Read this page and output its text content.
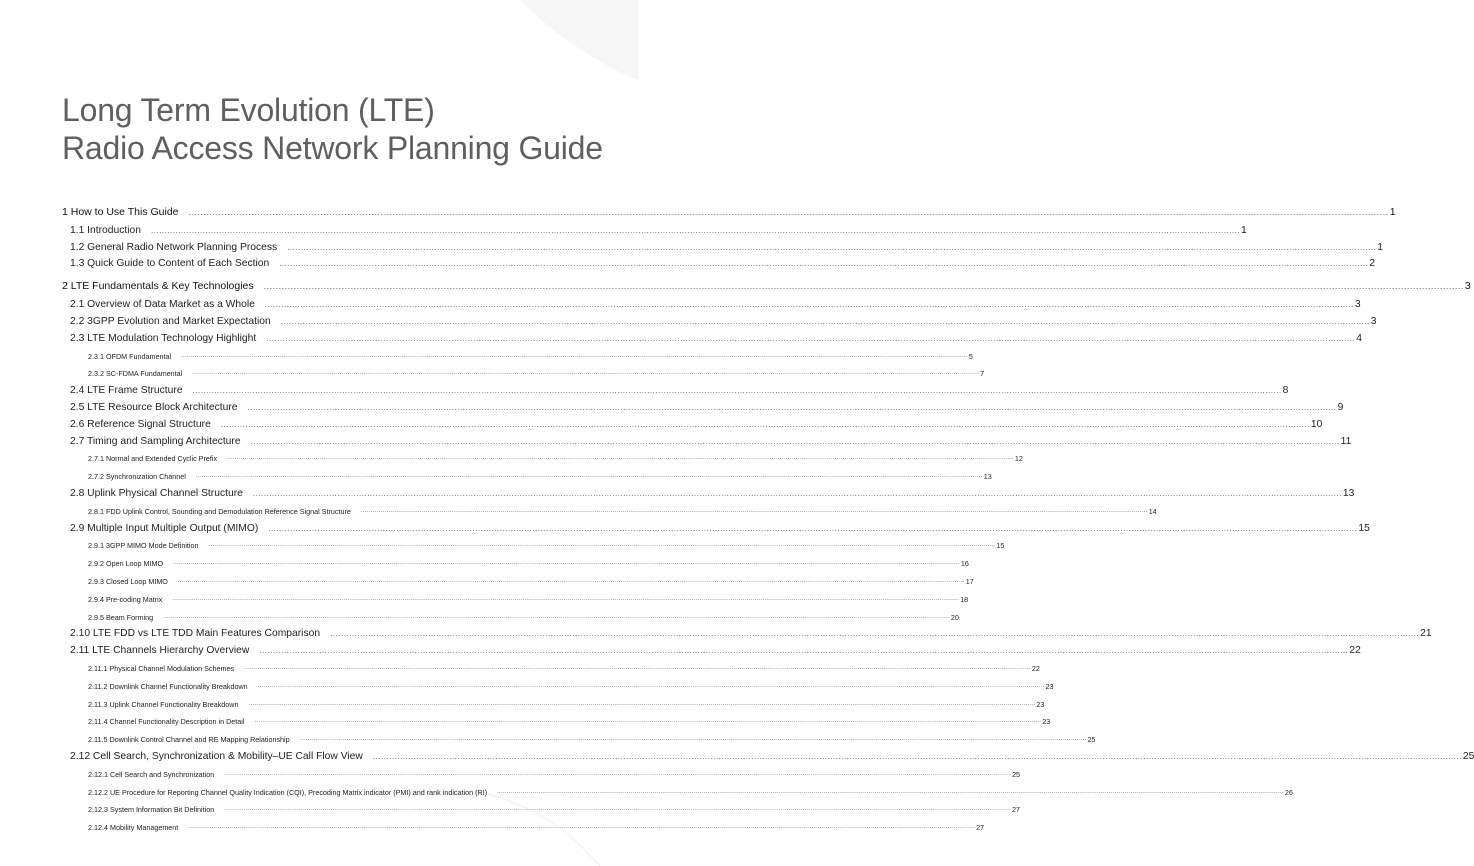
Long Term Evolution (LTE)
Radio Access Network Planning Guide
1 How to Use This Guide ................................................................................................................................................................................................................................................................................................................................................................................................................ 1
1.1 Introduction ................................................................................................................................................................................................................................................................................................................................................................................................................ 1
1.2 General Radio Network Planning Process ................................................................................................................................................................................................................................................................................................................................................................................................................ 1
1.3 Quick Guide to Content of Each Section ................................................................................................................................................................................................................................................................................................................................................................................................................ 2
2 LTE Fundamentals & Key Technologies ................................................................................................................................................................................................................................................................................................................................................................................................................ 3
2.1 Overview of Data Market as a Whole ................................................................................................................................................................................................................................................................................................................................................................................................................ 3
2.2 3GPP Evolution and Market Expectation ................................................................................................................................................................................................................................................................................................................................................................................................................ 3
2.3 LTE Modulation Technology Highlight ................................................................................................................................................................................................................................................................................................................................................................................................................ 4
2.3.1 OFDM Fundamental ................................................................................................................................................................................................................................................................................................................................................................................................................ 5
2.3.2 SC-FDMA Fundamental ................................................................................................................................................................................................................................................................................................................................................................................................................ 7
2.4 LTE Frame Structure ................................................................................................................................................................................................................................................................................................................................................................................................................ 8
2.5 LTE Resource Block Architecture ................................................................................................................................................................................................................................................................................................................................................................................................................ 9
2.6 Reference Signal Structure ................................................................................................................................................................................................................................................................................................................................................................................................................ 10
2.7 Timing and Sampling Architecture ................................................................................................................................................................................................................................................................................................................................................................................................................ 11
2.7.1 Normal and Extended Cyclic Prefix ................................................................................................................................................................................................................................................................................................................................................................................................................ 12
2.7.2 Synchronization Channel ................................................................................................................................................................................................................................................................................................................................................................................................................ 13
2.8 Uplink Physical Channel Structure ................................................................................................................................................................................................................................................................................................................................................................................................................ 13
2.8.1 FDD Uplink Control, Sounding and Demodulation Reference Signal Structure ................................................................................................................................................................................................................................................................................................................................................................................................................ 14
2.9 Multiple Input Multiple Output (MIMO) ................................................................................................................................................................................................................................................................................................................................................................................................................ 15
2.9.1 3GPP MIMO Mode Definition ................................................................................................................................................................................................................................................................................................................................................................................................................ 15
2.9.2 Open Loop MIMO ................................................................................................................................................................................................................................................................................................................................................................................................................ 16
2.9.3 Closed Loop MIMO ................................................................................................................................................................................................................................................................................................................................................................................................................ 17
2.9.4 Pre-coding Matrix ................................................................................................................................................................................................................................................................................................................................................................................................................ 18
2.9.5 Beam Forming ................................................................................................................................................................................................................................................................................................................................................................................................................ 20
2.10 LTE FDD vs LTE TDD Main Features Comparison ................................................................................................................................................................................................................................................................................................................................................................................................................ 21
2.11 LTE Channels Hierarchy Overview ................................................................................................................................................................................................................................................................................................................................................................................................................ 22
2.11.1 Physical Channel Modulation Schemes ................................................................................................................................................................................................................................................................................................................................................................................................................ 22
2.11.2 Downlink Channel Functionality Breakdown ................................................................................................................................................................................................................................................................................................................................................................................................................ 23
2.11.3 Uplink Channel Functionality Breakdown ................................................................................................................................................................................................................................................................................................................................................................................................................ 23
2.11.4 Channel Functionality Description in Detail ................................................................................................................................................................................................................................................................................................................................................................................................................ 23
2.11.5 Downlink Control Channel and RE Mapping Relationship ................................................................................................................................................................................................................................................................................................................................................................................................................ 25
2.12 Cell Search, Synchronization & Mobility–UE Call Flow View ................................................................................................................................................................................................................................................................................................................................................................................................................ 25
2.12.1 Cell Search and Synchronization ................................................................................................................................................................................................................................................................................................................................................................................................................ 25
2.12.2 UE Procedure for Reporting Channel Quality Indication (CQI), Precoding Matrix indicator (PMI) and rank indication (RI) ................................................................................................................................................................................................................................................................................................................................................................................................................ 26
2.12.3 System Information Bit Definition ................................................................................................................................................................................................................................................................................................................................................................................................................ 27
2.12.4 Mobility Management ................................................................................................................................................................................................................................................................................................................................................................................................................ 27
